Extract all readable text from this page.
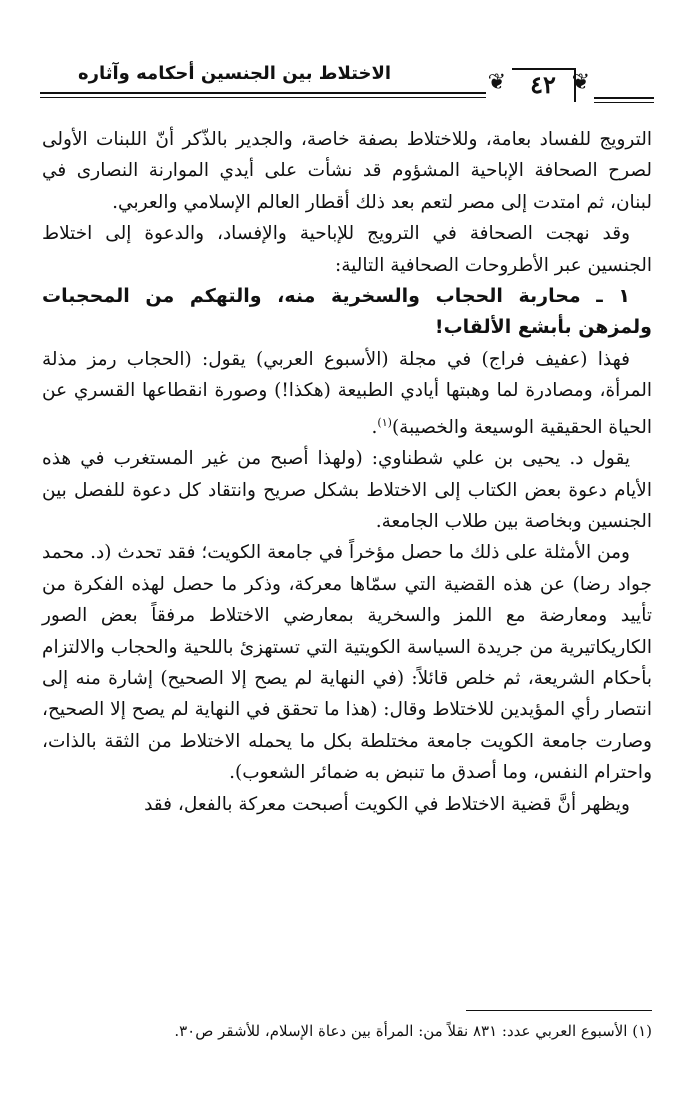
❦
٤٢
❦
الاختلاط بين الجنسين أحكامه وآثاره

الترويج للفساد بعامة، وللاختلاط بصفة خاصة، والجدير بالذّكر أنّ اللبنات الأولى لصرح الصحافة الإباحية المشؤوم قد نشأت على أيدي الموارنة النصارى في لبنان، ثم امتدت إلى مصر لتعم بعد ذلك أقطار العالم الإسلامي والعربي.

وقد نهجت الصحافة في الترويج للإباحية والإفساد، والدعوة إلى اختلاط الجنسين عبر الأطروحات الصحافية التالية:

١ ـ محاربة الحجاب والسخرية منه، والتهكم من المحجبات ولمزهن بأبشع الألقاب!

فهذا (عفيف فراج) في مجلة (الأسبوع العربي) يقول: (الحجاب رمز مذلة المرأة، ومصادرة لما وهبتها أيادي الطبيعة (هكذا!) وصورة انقطاعها القسري عن الحياة الحقيقية الوسيعة والخصيبة)$^{(١)}$.

يقول د. يحيى بن علي شطناوي: (ولهذا أصبح من غير المستغرب في هذه الأيام دعوة بعض الكتاب إلى الاختلاط بشكل صريح وانتقاد كل دعوة للفصل بين الجنسين وبخاصة بين طلاب الجامعة.

ومن الأمثلة على ذلك ما حصل مؤخراً في جامعة الكويت؛ فقد تحدث (د. محمد جواد رضا) عن هذه القضية التي سمّاها معركة، وذكر ما حصل لهذه الفكرة من تأييد ومعارضة مع اللمز والسخرية بمعارضي الاختلاط مرفقاً بعض الصور الكاريكاتيرية من جريدة السياسة الكويتية التي تستهزئ باللحية والحجاب والالتزام بأحكام الشريعة، ثم خلص قائلاً: (في النهاية لم يصح إلا الصحيح) إشارة منه إلى انتصار رأي المؤيدين للاختلاط وقال: (هذا ما تحقق في النهاية لم يصح إلا الصحيح، وصارت جامعة الكويت جامعة مختلطة بكل ما يحمله الاختلاط من الثقة بالذات، واحترام النفس، وما أصدق ما تنبض به ضمائر الشعوب).

ويظهر أنَّ قضية الاختلاط في الكويت أصبحت معركة بالفعل، فقد

(١) الأسبوع العربي عدد: ٨٣١ نقلاً من: المرأة بين دعاة الإسلام، للأشقر ص٣٠.
